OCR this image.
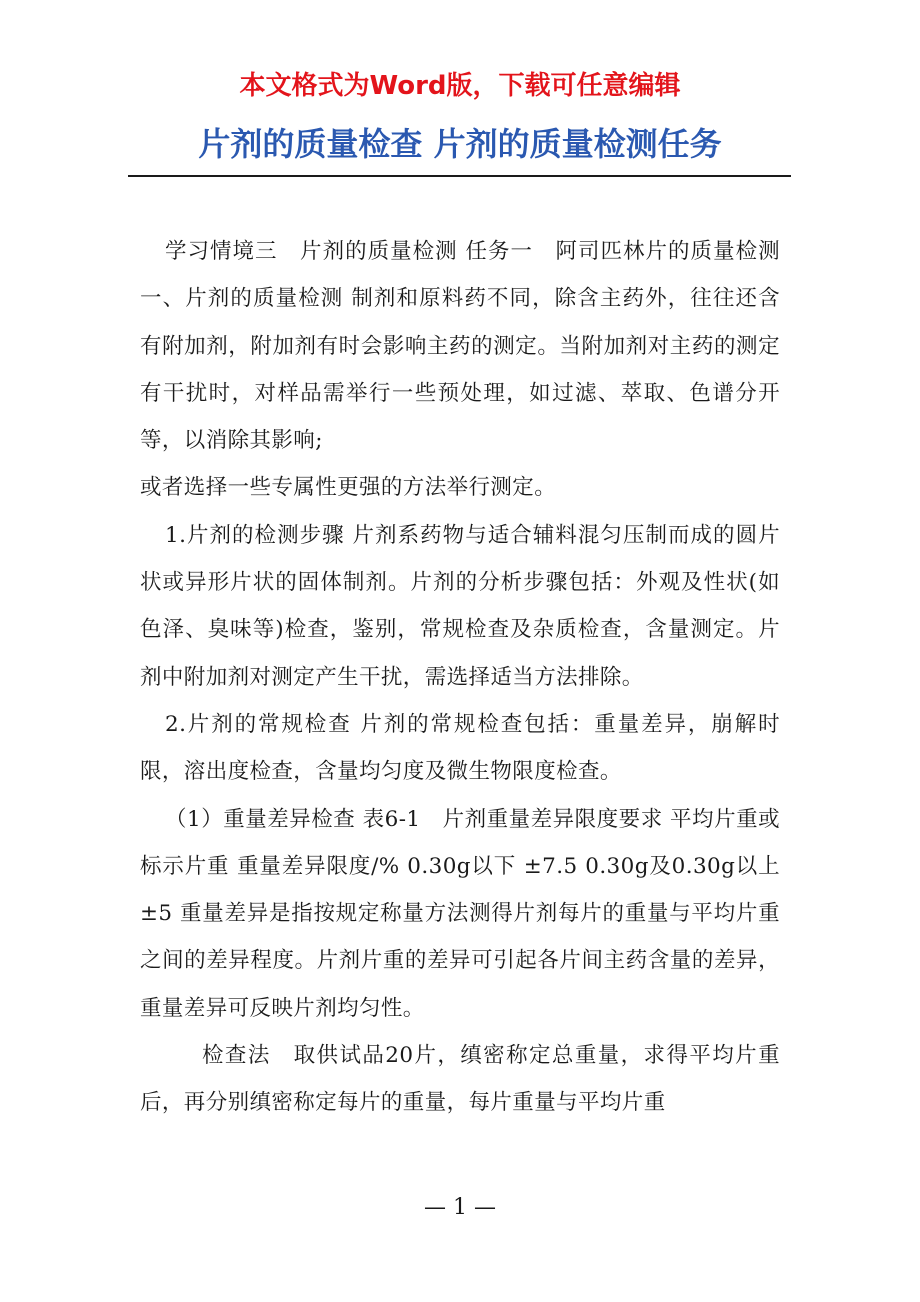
本文格式为Word版，下载可任意编辑
片剂的质量检查 片剂的质量检测任务

学习情境三　片剂的质量检测 任务一　阿司匹林片的质量检测 一、片剂的质量检测 制剂和原料药不同，除含主药外，往往还含有附加剂，附加剂有时会影响主药的测定。当附加剂对主药的测定有干扰时，对样品需举行一些预处理，如过滤、萃取、色谱分开等，以消除其影响;

或者选择一些专属性更强的方法举行测定。

1.片剂的检测步骤 片剂系药物与适合辅料混匀压制而成的圆片状或异形片状的固体制剂。片剂的分析步骤包括：外观及性状(如色泽、臭味等)检查，鉴别，常规检查及杂质检查，含量测定。片剂中附加剂对测定产生干扰，需选择适当方法排除。

2.片剂的常规检查 片剂的常规检查包括：重量差异，崩解时限，溶出度检查，含量均匀度及微生物限度检查。

（1）重量差异检查 表6-1　片剂重量差异限度要求 平均片重或标示片重 重量差异限度/% 0.30g以下 ±7.5 0.30g及0.30g以上 ±5 重量差异是指按规定称量方法测得片剂每片的重量与平均片重之间的差异程度。片剂片重的差异可引起各片间主药含量的差异，重量差异可反映片剂均匀性。

检查法　取供试品20片，缜密称定总重量，求得平均片重后，再分别缜密称定每片的重量，每片重量与平均片重

— 1 —
